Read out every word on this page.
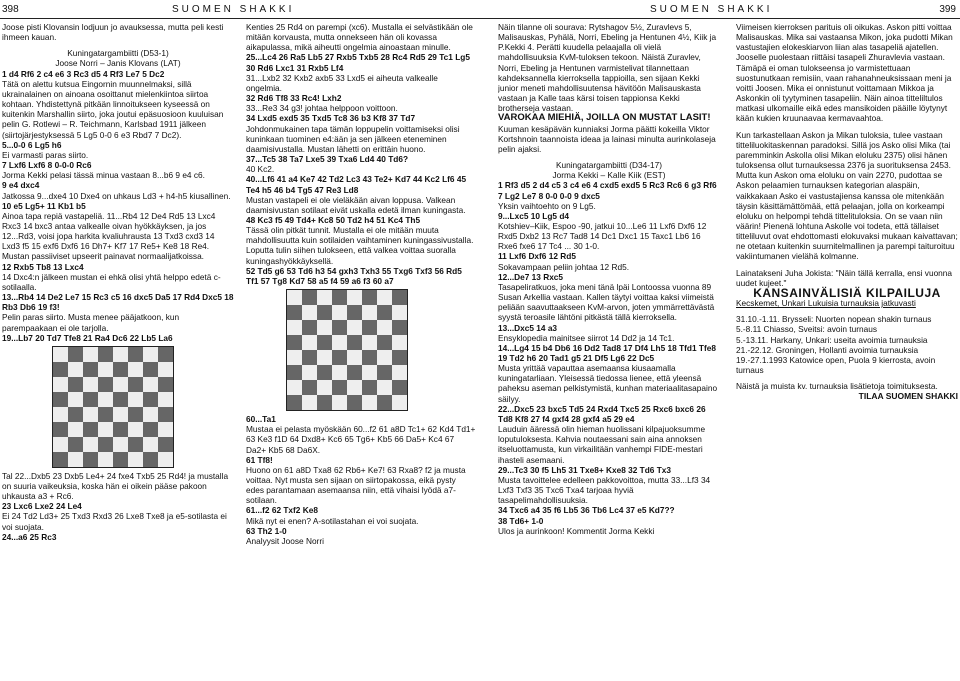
398	SUOMEN SHAKKI

Joose pisti Klovansin lodjuun jo avauksessa, mutta peli kesti ihmeen kauan.

Kuningatargambiitti (D53-1)

Joose Norri – Janis Klovans (LAT)

1 d4 Rf6 2 c4 e6 3 Rc3 d5 4 Rf3 Le7 5 Dc2

Tätä on alettu kutsua Eingornin muunnelmaksi, sillä ukrainalainen on ainoana osoittanut mielenkiintoa siirtoa kohtaan. Yhdistettynä pitkään linnoitukseen kyseessä on kuitenkin Marshallin siirto, joka joutui epäsuosioon kuuluisan pelin G. Rotlewi – R. Teichmann, Karlsbad 1911 jälkeen (siirtojärjestyksessä 5 Lg5 0-0 6 e3 Rbd7 7 Dc2).

5...0-0 6 Lg5 h6

Ei varmasti paras siirto.

7 Lxf6 Lxf6 8 0-0-0 Rc6

Jorma Kekki pelasi tässä minua vastaan 8...b6 9 e4 c6.

9 e4 dxc4

Jatkossa 9...dxe4 10 Dxe4 on uhkaus Ld3 + h4-h5 kiusallinen.

10 e5 Lg5+ 11 Kb1 b5

Ainoa tapa repiä vastapeliä. 11...Rb4 12 De4 Rd5 13 Lxc4 Rxc3 14 bxc3 antaa valkealle oivan hyökkäyksen, ja jos 12...Rd3, voisi jopa harkita kvaliuhrausta 13 Txd3 cxd3 14 Lxd3 f5 15 exf6 Dxf6 16 Dh7+ Kf7 17 Re5+ Ke8 18 Re4. Mustan passiiviset upseerit painavat normaalijatkoissa.

12 Rxb5 Tb8 13 Lxc4

14 Dxc4:n jälkeen mustan ei ehkä olisi yhtä helppo edetä c-sotilaalla.

13...Rb4 14 De2 Le7 15 Rc3 c5 16 dxc5 Da5 17 Rd4 Dxc5 18 Rb3 Db6 19 f3!

Pelin paras siirto. Musta menee pääjatkoon, kun parempaakaan ei ole tarjolla.

19...Lb7 20 Td7 Tfe8 21 Ra4 Dc6 22 Lb5 La6

Tal 22...Dxb5 23 Dxb5 Le4+ 24 fxe4 Txb5 25 Rd4! ja mustalla on suuria vaikeuksia, koska hän ei oikein pääse pakoon uhkausta a3 + Rc6.

23 Lxc6 Lxe2 24 Le4

Ei 24 Td2 Ld3+ 25 Txd3 Rxd3 26 Lxe8 Txe8 ja e5-sotilasta ei voi suojata.

24...a6 25 Rc3

Kenties 25 Rd4 on parempi (xc6). Mustalla ei selvästikään ole mitään korvausta, mutta onnekseen hän oli kovassa aikapulassa, mikä aiheutti ongelmia ainoastaan minulle.

25...Lc4 26 Ra5 Lb5 27 Rxb5 Txb5 28 Rc4 Rd5 29 Tc1 Lg5 30 Rd6 Lxc1 31 Rxb5 Lf4

31...Lxb2 32 Kxb2 axb5 33 Lxd5 ei aiheuta valkealle ongelmia.

32 Rd6 Tf8 33 Rc4! Lxh2

33...Re3 34 g3! johtaa helppoon voittoon.

34 Lxd5 exd5 35 Txd5 Tc8 36 b3 Kf8 37 Td7

Johdonmukainen tapa tämän loppupelin voittamiseksi olisi kuninkaan tuominen e4:ään ja sen jälkeen eteneminen daamisivustalla. Mustan lähetti on erittäin huono.

37...Tc5 38 Ta7 Lxe5 39 Txa6 Ld4 40 Td6?

40 Kc2.

40...Lf6 41 a4 Ke7 42 Td2 Lc3 43 Te2+ Kd7 44 Kc2 Lf6 45 Te4 h5 46 b4 Tg5 47 Re3 Ld8

Mustan vastapeli ei ole vieläkään aivan loppusa. Valkean daamisivustan sotilaat eivät uskalla edetä ilman kuningasta.

48 Kc3 f5 49 Td4+ Kc8 50 Td2 h4 51 Kc4 Th5

Tässä olin pitkät tunnit. Mustalla ei ole mitään muuta mahdollisuutta kuin sotilaiden vaihtaminen kuningassivustalla. Loputta tulin siihen tulokseen, että valkea voittaa suoralla kuningashyökkäyksellä.

52 Td5 g6 53 Td6 h3 54 gxh3 Txh3 55 Txg6 Txf3 56 Rd5 Tf1 57 Tg8 Kd7 58 a5 f4 59 a6 f3 60 a7

60...Ta1

Mustaa ei pelasta myöskään 60...f2 61 a8D Tc1+ 62 Kd4 Td1+ 63 Ke3 f1D 64 Dxd8+ Kc6 65 Tg6+ Kb5 66 Da5+ Kc4 67 Da2+ Kb5 68 Da6X.

61 Tf8!

Huono on 61 a8D Txa8 62 Rb6+ Ke7! 63 Rxa8? f2 ja musta voittaa. Nyt musta sen sijaan on siirtopakossa, eikä pysty edes parantamaan asemaansa niin, että vihaisi lyödä a7-sotilaan.

61...f2 62 Txf2 Ke8

Mikä nyt ei enen? A-sotilastahan ei voi suojata.

63 Th2 1-0

Analyysit Joose Norri

SUOMEN SHAKKI	399

Näin tilanne oli sourava: Rytshagov 5½, Zuravlevs 5, Malisauskas, Pyhälä, Norri, Ebeling ja Hentunen 4½, Kiik ja P.Kekki 4. Perätti kuudella pelaajalla oli vielä mahdollisuuksia KvM-tuloksen tekoon. Näistä Zuravlev, Norri, Ebeling ja Hentunen varmistelivat tilannettaan kahdeksannella kierroksella tappioilla, sen sijaan Kekki junior meneti mahdollisuutensa hävitöön Malisauskasta vastaan ja Kalle taas kärsi toisen tappionsa Kekki brotherseja vastaan.

VAROKAA MIEHIÄ, JOILLA ON MUSTAT LASIT!

Kuuman kesäpävän kunniaksi Jorma päätti kokeilla Viktor Kortshnoin taannoista ideaa ja lainasi minulta aurinkolaseja pelin ajaksi.

Kuningatargambiitti (D34-17)

Jorma Kekki – Kalle Kiik (EST)

1 Rf3 d5 2 d4 c5 3 c4 e6 4 cxd5 exd5 5 Rc3 Rc6 6 g3 Rf6 7 Lg2 Le7 8 0-0 0-0 9 dxc5

Yksin vaihtoehto on 9 Lg5.

9...Lxc5 10 Lg5 d4

Kotshiev–Kiik, Espoo -90, jatkui 10...Le6 11 Lxf6 Dxf6 12 Rxd5 Dxb2 13 Rc7 Tad8 14 Dc1 Dxc1 15 Taxc1 Lb6 16 Rxe6 fxe6 17 Tc4 ... 30 1-0.

11 Lxf6 Dxf6 12 Rd5

Sokavampaan peliin johtaa 12 Rd5.

12...De7 13 Rxc5

Tasapeliratkuos, joka meni tänä lpäi Lontoossa vuonna 89 Susan Arkellia vastaan. Kallen täytyi voittaa kaksi viimeistä peliään saavuttaakseen KvM-arvon, joten ymmärrettävästä syystä teroasile lähtöni pitkästä tällä kierroksella.

13...Dxc5 14 a3

Ensyklopedia mainitsee siirrot 14 Dd2 ja 14 Tc1.

14...Lg4 15 b4 Db6 16 Dd2 Tad8 17 Df4 Lh5 18 Tfd1 Tfe8 19 Td2 h6 20 Tad1 g5 21 Df5 Lg6 22 Dc5

Musta yrittää vapauttaa asemaansa kiusaamalla kuningatarliaan. Yleisessä tiedossa lienee, että yleensä paheksu aseman pelkistymistä, kunhan materiaalitasapaino säilyy.

22...Dxc5 23 bxc5 Td5 24 Rxd4 Txc5 25 Rxc6 bxc6 26 Td8 Kf8 27 f4 gxf4 28 gxf4 a5 29 e4

Lauduin ääressä olin hieman huolissani kilpajuoksumme loputuloksesta. Kahvia noutaessani sain aina annoksen itseluottamusta, kun virkailitään vanhempi FIDE-mestari ihasteli asemaani.

29...Tc3 30 f5 Lh5 31 Txe8+ Kxe8 32 Td6 Tx3

Musta tavoittelee edelleen pakkovoittoa, mutta 33...Lf3 34 Lxf3 Txf3 35 Txc6 Txa4 tarjoaa hyviä tasapelimahdollisuuksia.

34 Txc6 a4 35 f6 Lb5 36 Tb6 Lc4 37 e5 Kd7??

38 Td6+ 1-0

Ulos ja aurinkoon! Kommentit Jorma Kekki

Viimeisen kierroksen parituis oli oikukas. Askon pitti voittaa Malisauskas. Mika sai vastaansa Mikon, joka pudotti Mikan vastustajien elokeskiarvon liian alas tasapeliä ajatellen. Jooselle puolestaan riittäisi tasapeli Zhuravlevia vastaan. Tämäpä ei oman tulokseensa jo varmistettuaan suostunutkaan remisiin, vaan rahanahneuksissaan meni ja voitti Joosen. Mika ei onnistunut voittamaan Mikkoa ja Askonkin oli tyytyminen tasapeliin. Näin ainoa titteliltulos matkasi ulkomaille eikä edes mansikoiden pääille löytynyt kään kukien kruunaavaa kermavaahtoa.

Kun tarkastellaan Askon ja Mikan tuloksia, tulee vastaan titteliluokitaskennan paradoksi. Sillä jos Asko olisi Mika (tai paremminkin Askolla olisi Mikan eloluku 2375) olisi hänen tuloksensa ollut turnauksessa 2376 ja suorituksensa 2453. Mutta kun Askon oma eloluku on vain 2270, pudottaa se Askon pelaamien turnauksen kategorian alaspäin, vaikkakaan Asko ei vastustajiensa kanssa ole mitenkään täysin käsittämättömää, että pelaajan, jolla on korkeampi eloluku on helpompi tehdä tittelituloksia. On se vaan niin väärin! Pienenä lohtuna Askolle voi todeta, että tällaiset titteliluvut ovat ehdottomasti elokuvaksi mukaan kaivattavan; ne otetaan kuitenkin suurnitelmallinen ja parempi taituroituu vakiintumanen vielähä kolmanne.

Lainatakseni Juha Jokista: "Näin tällä kerralla, ensi vuonna uudet kujeet."

KANSAINVÄLISIÄ KILPAILUJA

Kecskemet, Unkari Lukuisia turnauksia jatkuvasti

31.10.-1.11. Brysseli: Nuorten nopean shakin turnaus

5.-8.11 Chiasso, Sveitsi: avoin turnaus

5.-13.11. Harkany, Unkari: useita avoimia turnauksia

21.-22.12. Groningen, Hollanti avoimia turnauksia

19.-27.1.1993 Katowice open, Puola 9 kierrosta, avoin turnaus

Näistä ja muista kv. turnauksia lisätietoja toimituksesta.

TILAA SUOMEN SHAKKI
